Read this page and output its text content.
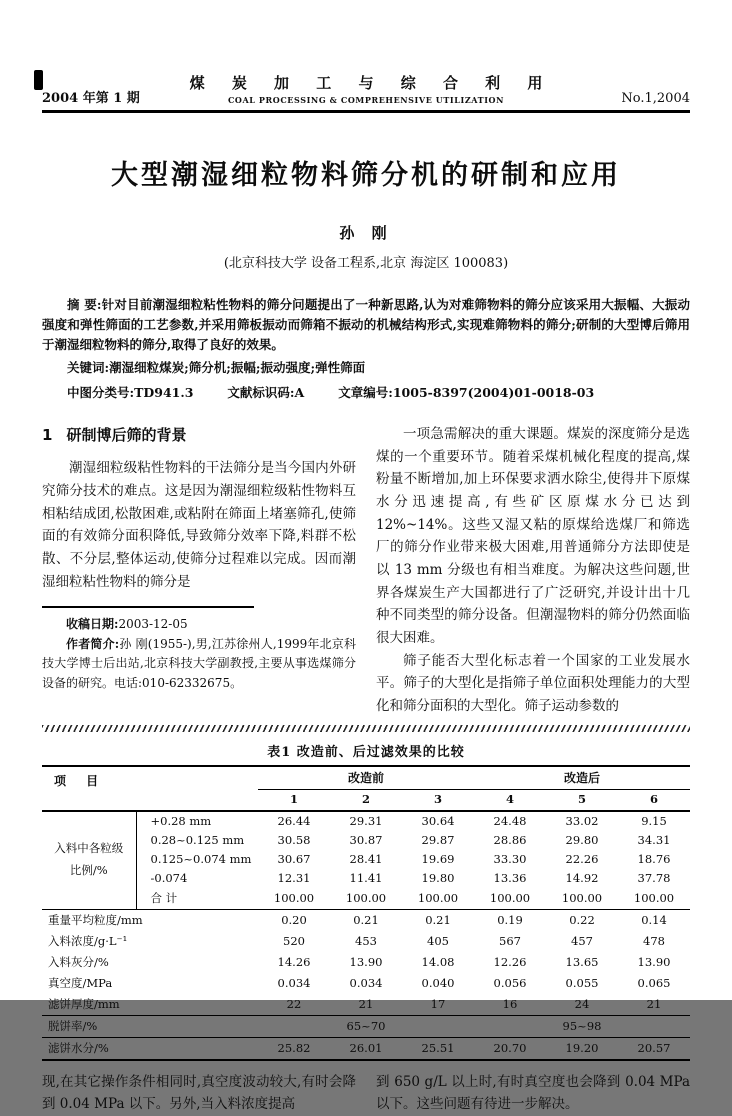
煤 炭 加 工 与 综 合 利 用
COAL PROCESSING & COMPREHENSIVE UTILIZATION
2004 年第 1 期	No.1,2004
大型潮湿细粒物料筛分机的研制和应用
孙 刚
(北京科技大学 设备工程系,北京 海淀区 100083)

摘 要:针对目前潮湿细粒粘性物料的筛分问题提出了一种新思路,认为对难筛物料的筛分应该采用大振幅、大振动强度和弹性筛面的工艺参数,并采用筛板振动而筛箱不振动的机械结构形式,实现难筛物料的筛分;研制的大型博后筛用于潮湿细粒物料的筛分,取得了良好的效果。

关键词:潮湿细粒煤炭;筛分机;振幅;振动强度;弹性筛面
中图分类号:TD941.3	文献标识码:A	文章编号:1005-8397(2004)01-0018-03
1 研制博后筛的背景

潮湿细粒级粘性物料的干法筛分是当今国内外研究筛分技术的难点。这是因为潮湿细粒级粘性物料互相粘结成团,松散困难,或粘附在筛面上堵塞筛孔,使筛面的有效筛分面积降低,导致筛分效率下降,料群不松散、不分层,整体运动,使筛分过程难以完成。因而潮湿细粒粘性物料的筛分是

收稿日期:2003-12-05

作者简介:孙 刚(1955-),男,江苏徐州人,1999年北京科技大学博士后出站,北京科技大学副教授,主要从事选煤筛分设备的研究。电话:010-62332675。

一项急需解决的重大课题。煤炭的深度筛分是选煤的一个重要环节。随着采煤机械化程度的提高,煤粉量不断增加,加上环保要求洒水除尘,使得井下原煤水分迅速提高,有些矿区原煤水分已达到 12%~14%。这些又湿又粘的原煤给选煤厂和筛选厂的筛分作业带来极大困难,用普通筛分方法即使是以 13 mm 分级也有相当难度。为解决这些问题,世界各煤炭生产大国都进行了广泛研究,并设计出十几种不同类型的筛分设备。但潮湿物料的筛分仍然面临很大困难。

筛子能否大型化标志着一个国家的工业发展水平。筛子的大型化是指筛子单位面积处理能力的大型化和筛分面积的大型化。筛子运动参数的

表1 改造前、后过滤效果的比较
项 目		改造前			改造后		
		1	2	3	4	5	6

入料中各粒级
比例/%	+0.28 mm	26.44	29.31	30.64	24.48	33.02	9.15
	0.28~0.125 mm	30.58	30.87	29.87	28.86	29.80	34.31
	0.125~0.074 mm	30.67	28.41	19.69	33.30	22.26	18.76
	-0.074	12.31	11.41	19.80	13.36	14.92	37.78
	合 计	100.00	100.00	100.00	100.00	100.00	100.00
重量平均粒度/mm		0.20	0.21	0.21	0.19	0.22	0.14
入料浓度/g·L⁻¹		520	453	405	567	457	478
入料灰分/%		14.26	13.90	14.08	12.26	13.65	13.90
真空度/MPa		0.034	0.034	0.040	0.056	0.055	0.065
滤饼厚度/mm		22	21	17	16	24	21
脱饼率/%		65~70			95~98		
滤饼水分/%		25.82	26.01	25.51	20.70	19.20	20.57

现,在其它操作条件相同时,真空度波动较大,有时会降到 0.04 MPa 以下。另外,当入料浓度提高

到 650 g/L 以上时,有时真空度也会降到 0.04 MPa 以下。这些问题有待进一步解决。
